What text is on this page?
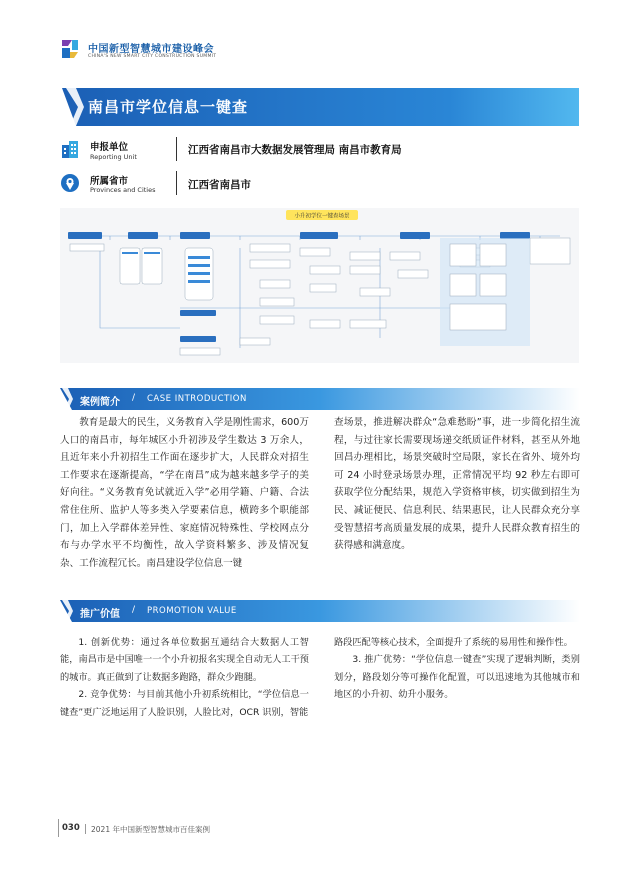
中国新型智慧城市建设峰会
CHINA'S NEW SMART CITY CONSTRUCTION SUMMIT
南昌市学位信息一键查
申报单位
Reporting Unit
江西省南昌市大数据发展管理局 南昌市教育局
所属省市
Provinces and Cities	江西省南昌市
小升初学位一键查场景
案例简介	CASE INTRODUCTION
/

教育是最大的民生，义务教育入学是刚性需求，600万人口的南昌市，每年城区小升初涉及学生数达 3 万余人，且近年来小升初招生工作面在逐步扩大，人民群众对招生工作要求在逐渐提高，“学在南昌”成为越来越多学子的美好向往。“义务教育免试就近入学”必用学籍、户籍、合法常住住所、监护人等多类入学要素信息，横跨多个职能部门，加上入学群体差异性、家庭情况特殊性、学校网点分布与办学水平不均衡性，故入学资料繁多、涉及情况复杂、工作流程冗长。南昌建设学位信息一键

查场景，推进解决群众“急难愁盼”事，进一步简化招生流程，与过往家长需要现场递交纸质证件材料，甚至从外地回昌办理相比，场景突破时空局限，家长在省外、境外均可 24 小时登录场景办理，正常情况平均 92 秒左右即可获取学位分配结果，规范入学资格审核，切实做到招生为民、减证便民、信息利民、结果惠民，让人民群众充分享受智慧招考高质量发展的成果，提升人民群众教育招生的获得感和满意度。

推广价值	PROMOTION VALUE
/

1. 创新优势：通过各单位数据互通结合大数据人工智能，南昌市是中国唯一一个小升初报名实现全自动无人工干预的城市。真正做到了让数据多跑路，群众少跑腿。

2. 竞争优势：与目前其他小升初系统相比，“学位信息一键查”更广泛地运用了人脸识别，人脸比对，OCR 识别，智能

路段匹配等核心技术，全面提升了系统的易用性和操作性。

3. 推广优势：“学位信息一键查”实现了逻辑判断，类别划分，路段划分等可操作化配置，可以迅速地为其他城市和地区的小升初、幼升小服务。

030 2021 年中国新型智慧城市百佳案例
